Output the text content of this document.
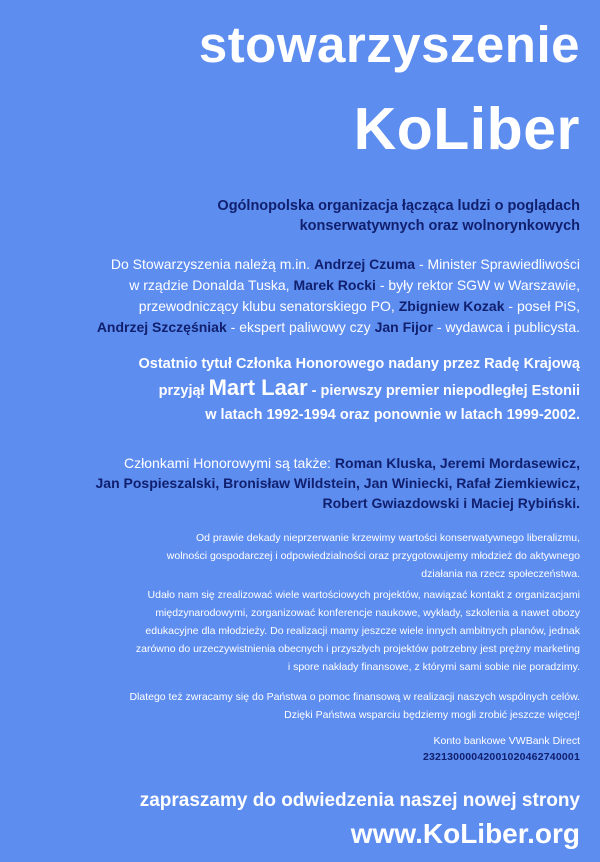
stowarzyszenie
KoLiber
Ogólnopolska organizacja łącząca ludzi o poglądach
konserwatywnych oraz wolnorynkowych
Do Stowarzyszenia należą m.in. Andrzej Czuma - Minister Sprawiedliwości
w rządzie Donalda Tuska, Marek Rocki - były rektor SGW w Warszawie,
przewodniczący klubu senatorskiego PO, Zbigniew Kozak - poseł PiS,
Andrzej Szczęśniak - ekspert paliwowy czy Jan Fijor - wydawca i publicysta.
Ostatnio tytuł Członka Honorowego nadany przez Radę Krajową
przyjął Mart Laar - pierwszy premier niepodległej Estonii
w latach 1992-1994 oraz ponownie w latach 1999-2002.
Członkami Honorowymi są także: Roman Kluska, Jeremi Mordasewicz,
Jan Pospieszalski, Bronisław Wildstein, Jan Winiecki, Rafał Ziemkiewicz,
Robert Gwiazdowski i Maciej Rybiński.
Od prawie dekady nieprzerwanie krzewimy wartości konserwatywnego liberalizmu,
wolności gospodarczej i odpowiedzialności oraz przygotowujemy młodzież do aktywnego
działania na rzecz społeczeństwa.
Udało nam się zrealizować wiele wartościowych projektów, nawiązać kontakt z organizacjami
międzynarodowymi, zorganizować konferencje naukowe, wykłady, szkolenia a nawet obozy
edukacyjne dla młodzieży. Do realizacji mamy jeszcze wiele innych ambitnych planów, jednak
zarówno do urzeczywistnienia obecnych i przyszłych projektów potrzebny jest prężny marketing
i spore nakłady finansowe, z którymi sami sobie nie poradzimy.
Dlatego też zwracamy się do Państwa o pomoc finansową w realizacji naszych wspólnych celów.
Dzięki Państwa wsparciu będziemy mogli zrobić jeszcze więcej!
Konto bankowe VWBank Direct
23213000042001020462740001
zapraszamy do odwiedzenia naszej nowej strony
www.KoLiber.org
